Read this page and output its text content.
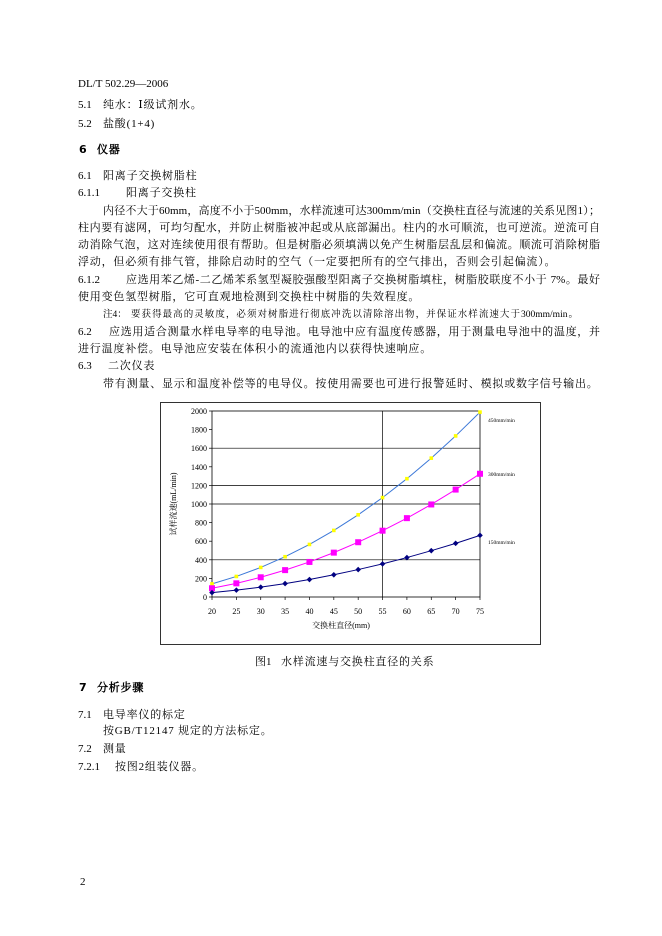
DL/T 502.29—2006
5.1 纯水：Ⅰ级试剂水。
5.2 盐酸(1+4)
6 仪器
6.1 阳离子交换树脂柱
6.1.1 阳离子交换柱
内径不大于60mm，高度不小于500mm，水样流速可达300mm/min（交换柱直径与流速的关系见图1）；
柱内要有滤网，可均匀配水，并防止树脂被冲起或从底部漏出。柱内的水可顺流，也可逆流。逆流可自
动消除气泡，这对连续使用很有帮助。但是树脂必须填满以免产生树脂层乱层和偏流。顺流可消除树脂
浮动，但必须有排气管，排除启动时的空气（一定要把所有的空气排出，否则会引起偏流）。
6.1.2 应选用苯乙烯-二乙烯苯系氢型凝胶强酸型阳离子交换树脂填柱，树脂胶联度不小于 7%。最好
使用变色氢型树脂，它可直观地检测到交换柱中树脂的失效程度。
注4： 要获得最高的灵敏度，必须对树脂进行彻底冲洗以清除溶出物，并保证水样流速大于300mm/min。
6.2 应选用适合测量水样电导率的电导池。电导池中应有温度传感器，用于测量电导池中的温度，并
进行温度补偿。电导池应安装在体积小的流通池内以获得快速响应。
6.3 二次仪表
带有测量、显示和温度补偿等的电导仪。按使用需要也可进行报警延时、模拟或数字信号输出。
0
200
400
600
800
1000
1200
1400
1600
1800
2000
20 25 30 35 40 45 50 55 60 65 70 75
交换柱直径(mm)
试样流速(mL/min)
450mm/min
300mm/min
150mm/min
图1 水样流速与交换柱直径的关系
7 分析步骤
7.1 电导率仪的标定
按GB/T12147 规定的方法标定。
7.2 测量
7.2.1 按图2组装仪器。
2
